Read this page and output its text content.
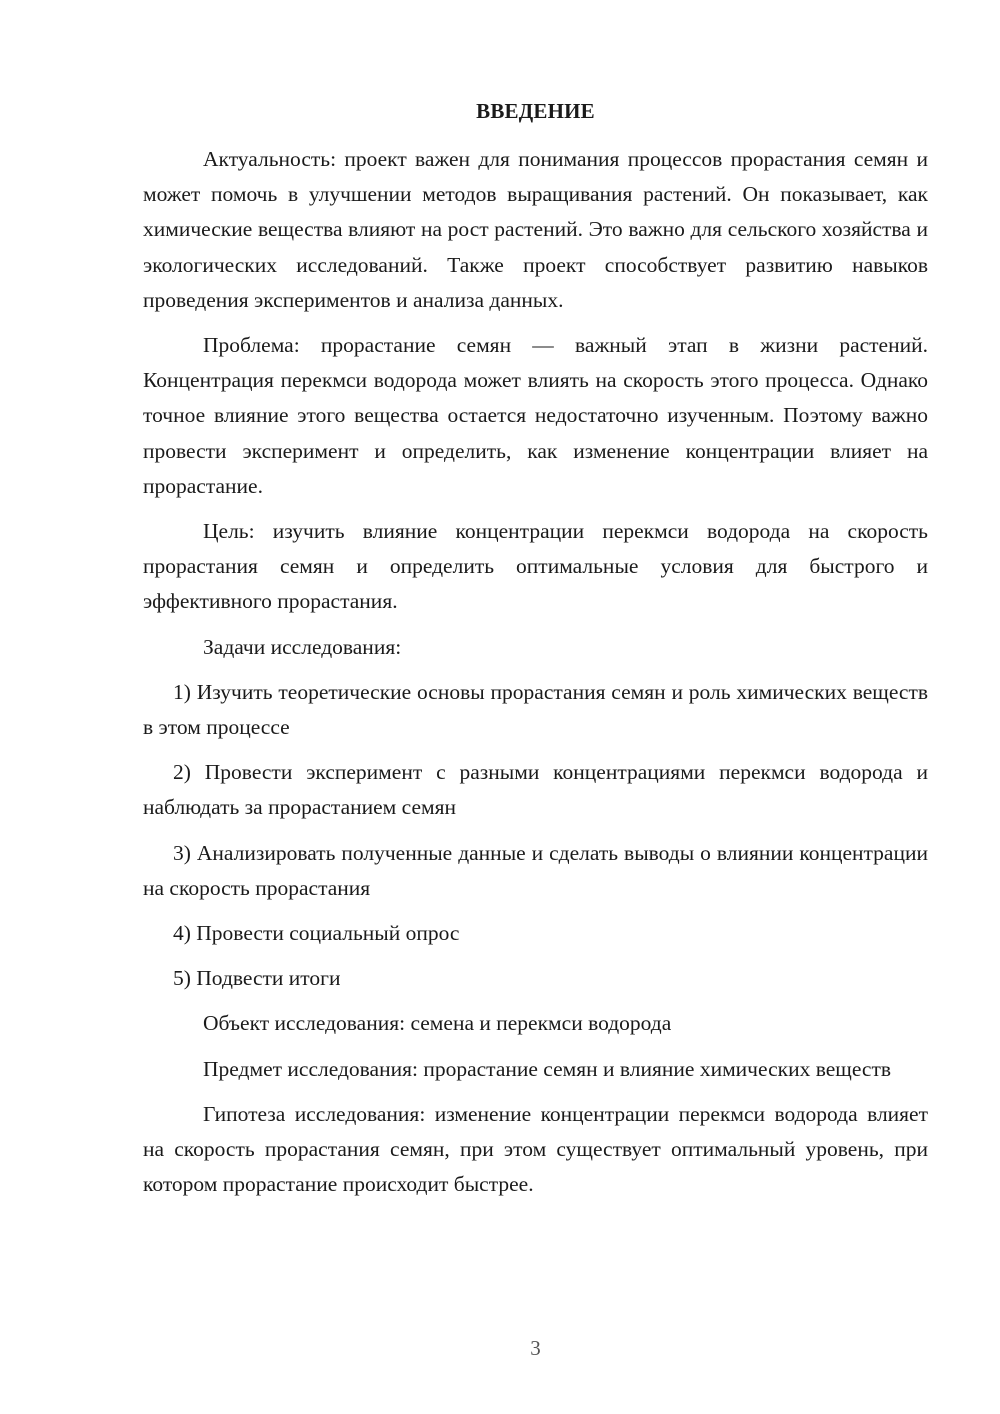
ВВЕДЕНИЕ

Актуальность: проект важен для понимания процессов прорастания семян и может помочь в улучшении методов выращивания растений. Он показывает, как химические вещества влияют на рост растений. Это важно для сельского хозяйства и экологических исследований. Также проект способствует развитию навыков проведения экспериментов и анализа данных.

Проблема: прорастание семян — важный этап в жизни растений. Концентрация перекмси водорода может влиять на скорость этого процесса. Однако точное влияние этого вещества остается недостаточно изученным. Поэтому важно провести эксперимент и определить, как изменение концентрации влияет на прорастание.

Цель: изучить влияние концентрации перекмси водорода на скорость прорастания семян и определить оптимальные условия для быстрого и эффективного прорастания.

Задачи исследования:

1) Изучить теоретические основы прорастания семян и роль химических веществ в этом процессе

2) Провести эксперимент с разными концентрациями перекмси водорода и наблюдать за прорастанием семян

3) Анализировать полученные данные и сделать выводы о влиянии концентрации на скорость прорастания

4) Провести социальный опрос

5) Подвести итоги

Объект исследования: семена и перекмси водорода

Предмет исследования: прорастание семян и влияние химических веществ

Гипотеза исследования: изменение концентрации перекмси водорода влияет на скорость прорастания семян, при этом существует оптимальный уровень, при котором прорастание происходит быстрее.

3
